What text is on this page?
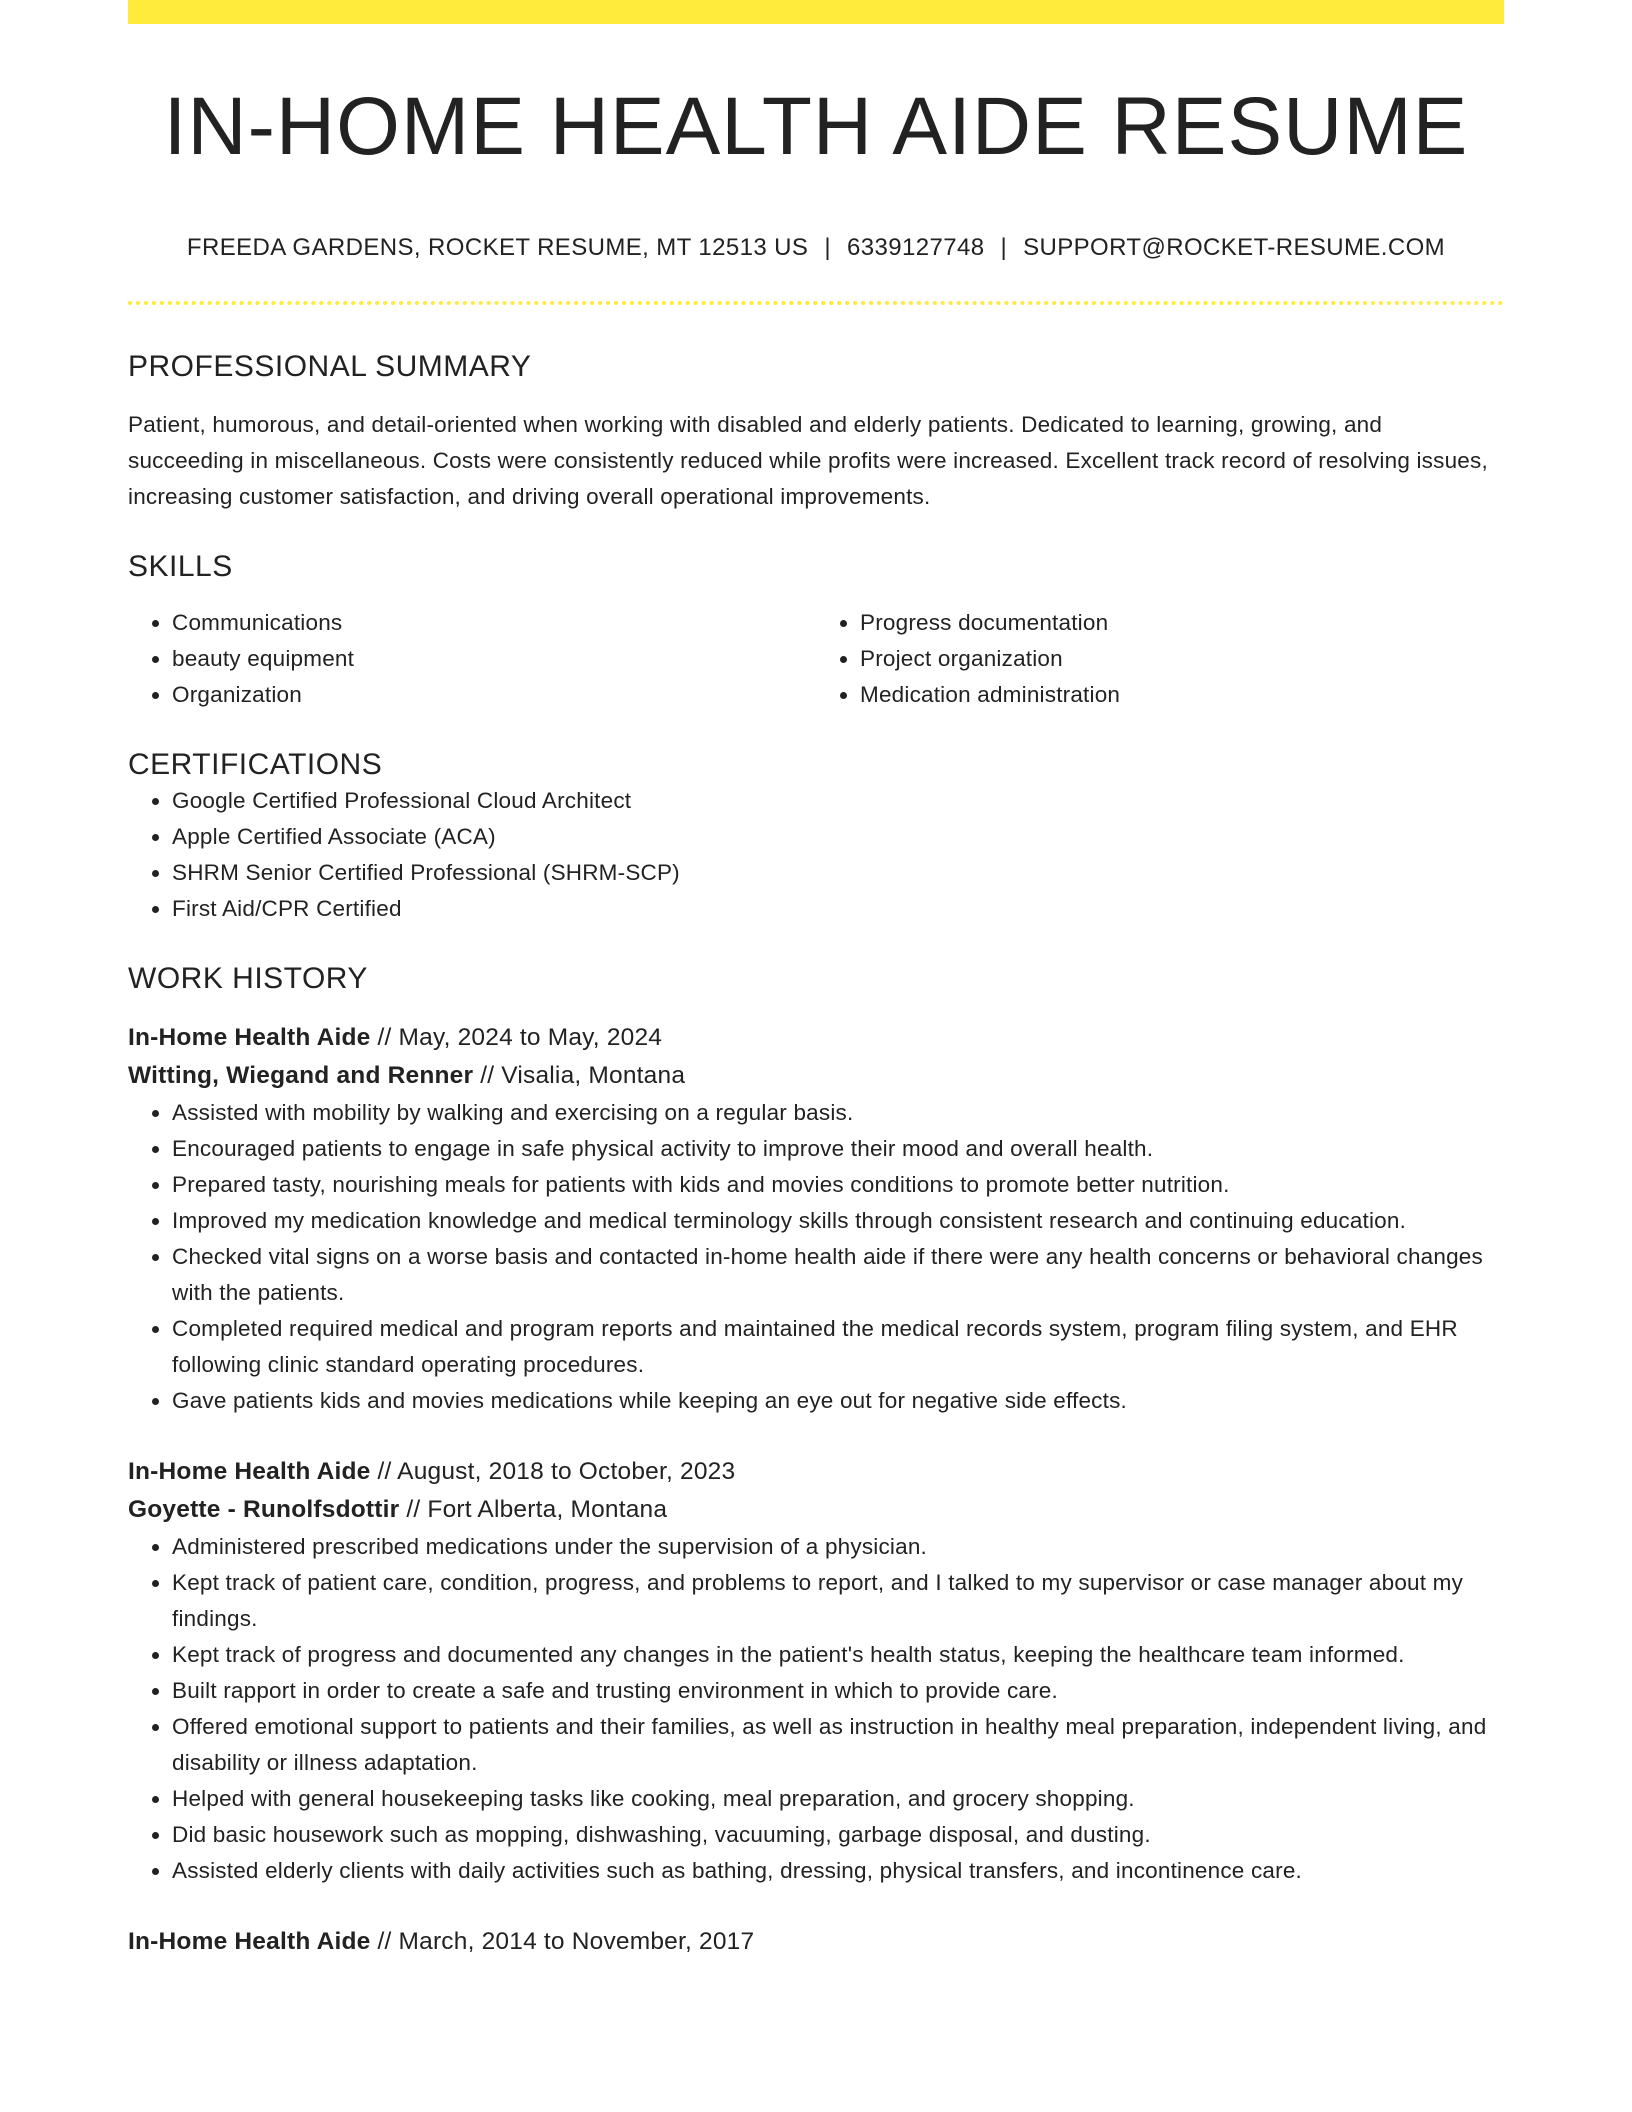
IN-HOME HEALTH AIDE RESUME
FREEDA GARDENS, ROCKET RESUME, MT 12513 US | 6339127748 | SUPPORT@ROCKET-RESUME.COM
PROFESSIONAL SUMMARY

Patient, humorous, and detail-oriented when working with disabled and elderly patients. Dedicated to learning, growing, and succeeding in miscellaneous. Costs were consistently reduced while profits were increased. Excellent track record of resolving issues, increasing customer satisfaction, and driving overall operational improvements.

SKILLS
• Communications
• beauty equipment
• Organization
• Progress documentation
• Project organization
• Medication administration
CERTIFICATIONS
• Google Certified Professional Cloud Architect
• Apple Certified Associate (ACA)
• SHRM Senior Certified Professional (SHRM-SCP)
• First Aid/CPR Certified
WORK HISTORY
In-Home Health Aide // May, 2024 to May, 2024
Witting, Wiegand and Renner // Visalia, Montana
• Assisted with mobility by walking and exercising on a regular basis.
• Encouraged patients to engage in safe physical activity to improve their mood and overall health.
• Prepared tasty, nourishing meals for patients with kids and movies conditions to promote better nutrition.
• Improved my medication knowledge and medical terminology skills through consistent research and continuing education.
• Checked vital signs on a worse basis and contacted in-home health aide if there were any health concerns or behavioral changes with the patients.
• Completed required medical and program reports and maintained the medical records system, program filing system, and EHR following clinic standard operating procedures.
• Gave patients kids and movies medications while keeping an eye out for negative side effects.
In-Home Health Aide // August, 2018 to October, 2023
Goyette - Runolfsdottir // Fort Alberta, Montana
• Administered prescribed medications under the supervision of a physician.
• Kept track of patient care, condition, progress, and problems to report, and I talked to my supervisor or case manager about my findings.
• Kept track of progress and documented any changes in the patient's health status, keeping the healthcare team informed.
• Built rapport in order to create a safe and trusting environment in which to provide care.
• Offered emotional support to patients and their families, as well as instruction in healthy meal preparation, independent living, and disability or illness adaptation.
• Helped with general housekeeping tasks like cooking, meal preparation, and grocery shopping.
• Did basic housework such as mopping, dishwashing, vacuuming, garbage disposal, and dusting.
• Assisted elderly clients with daily activities such as bathing, dressing, physical transfers, and incontinence care.
In-Home Health Aide // March, 2014 to November, 2017
